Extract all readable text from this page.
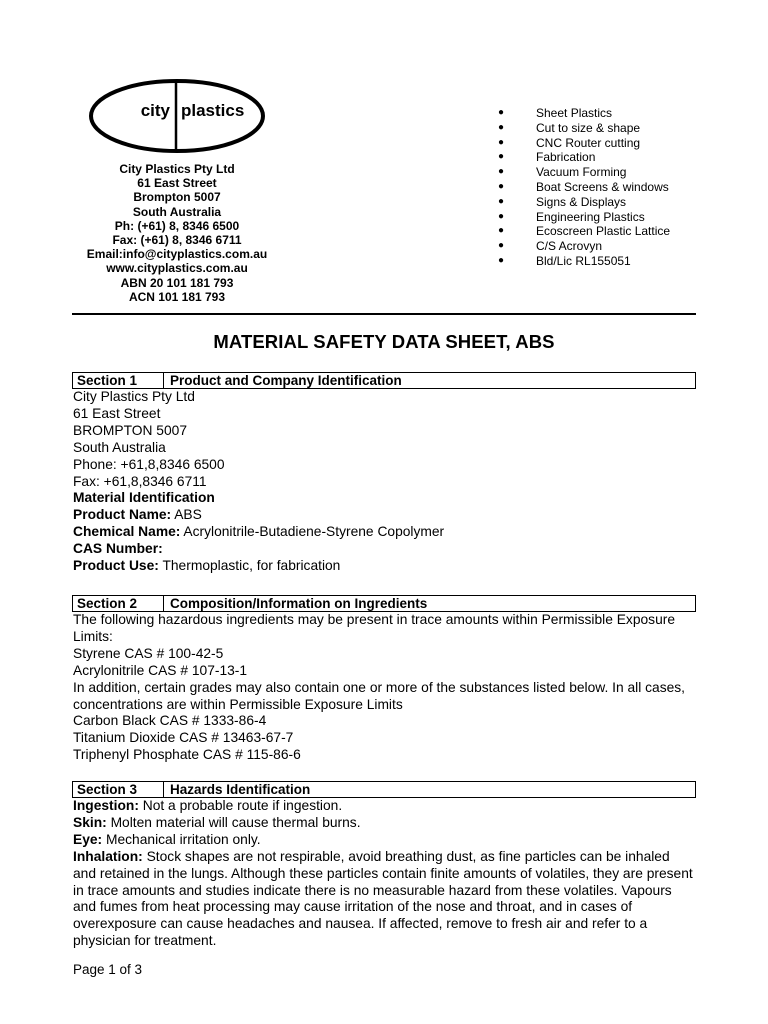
city plastics
City Plastics Pty Ltd
61 East Street
Brompton 5007
South Australia
Ph: (+61) 8, 8346 6500
Fax: (+61) 8, 8346 6711
Email:info@cityplastics.com.au
www.cityplastics.com.au
ABN 20 101 181 793
ACN 101 181 793
●	Sheet Plastics
●	Cut to size & shape
●	CNC Router cutting
●	Fabrication
●	Vacuum Forming
●	Boat Screens & windows
●	Signs & Displays
●	Engineering Plastics
●	Ecoscreen Plastic Lattice
●	C/S Acrovyn
●	Bld/Lic RL155051
MATERIAL SAFETY DATA SHEET, ABS
Section 1	Product and Company Identification
City Plastics Pty Ltd
61 East Street
BROMPTON 5007
South Australia
Phone: +61,8,8346 6500
Fax: +61,8,8346 6711
Material Identification
Product Name: ABS
Chemical Name: Acrylonitrile-Butadiene-Styrene Copolymer
CAS Number:
Product Use: Thermoplastic, for fabrication
Section 2	Composition/Information on Ingredients
The following hazardous ingredients may be present in trace amounts within Permissible Exposure Limits:
Styrene CAS # 100-42-5
Acrylonitrile CAS # 107-13-1
In addition, certain grades may also contain one or more of the substances listed below. In all cases, concentrations are within Permissible Exposure Limits
Carbon Black CAS # 1333-86-4
Titanium Dioxide CAS # 13463-67-7
Triphenyl Phosphate CAS # 115-86-6
Section 3	Hazards Identification
Ingestion: Not a probable route if ingestion.
Skin: Molten material will cause thermal burns.
Eye: Mechanical irritation only.
Inhalation: Stock shapes are not respirable, avoid breathing dust, as fine particles can be inhaled and retained in the lungs. Although these particles contain finite amounts of volatiles, they are present in trace amounts and studies indicate there is no measurable hazard from these volatiles. Vapours and fumes from heat processing may cause irritation of the nose and throat, and in cases of overexposure can cause headaches and nausea. If affected, remove to fresh air and refer to a physician for treatment.
Page 1 of 3
